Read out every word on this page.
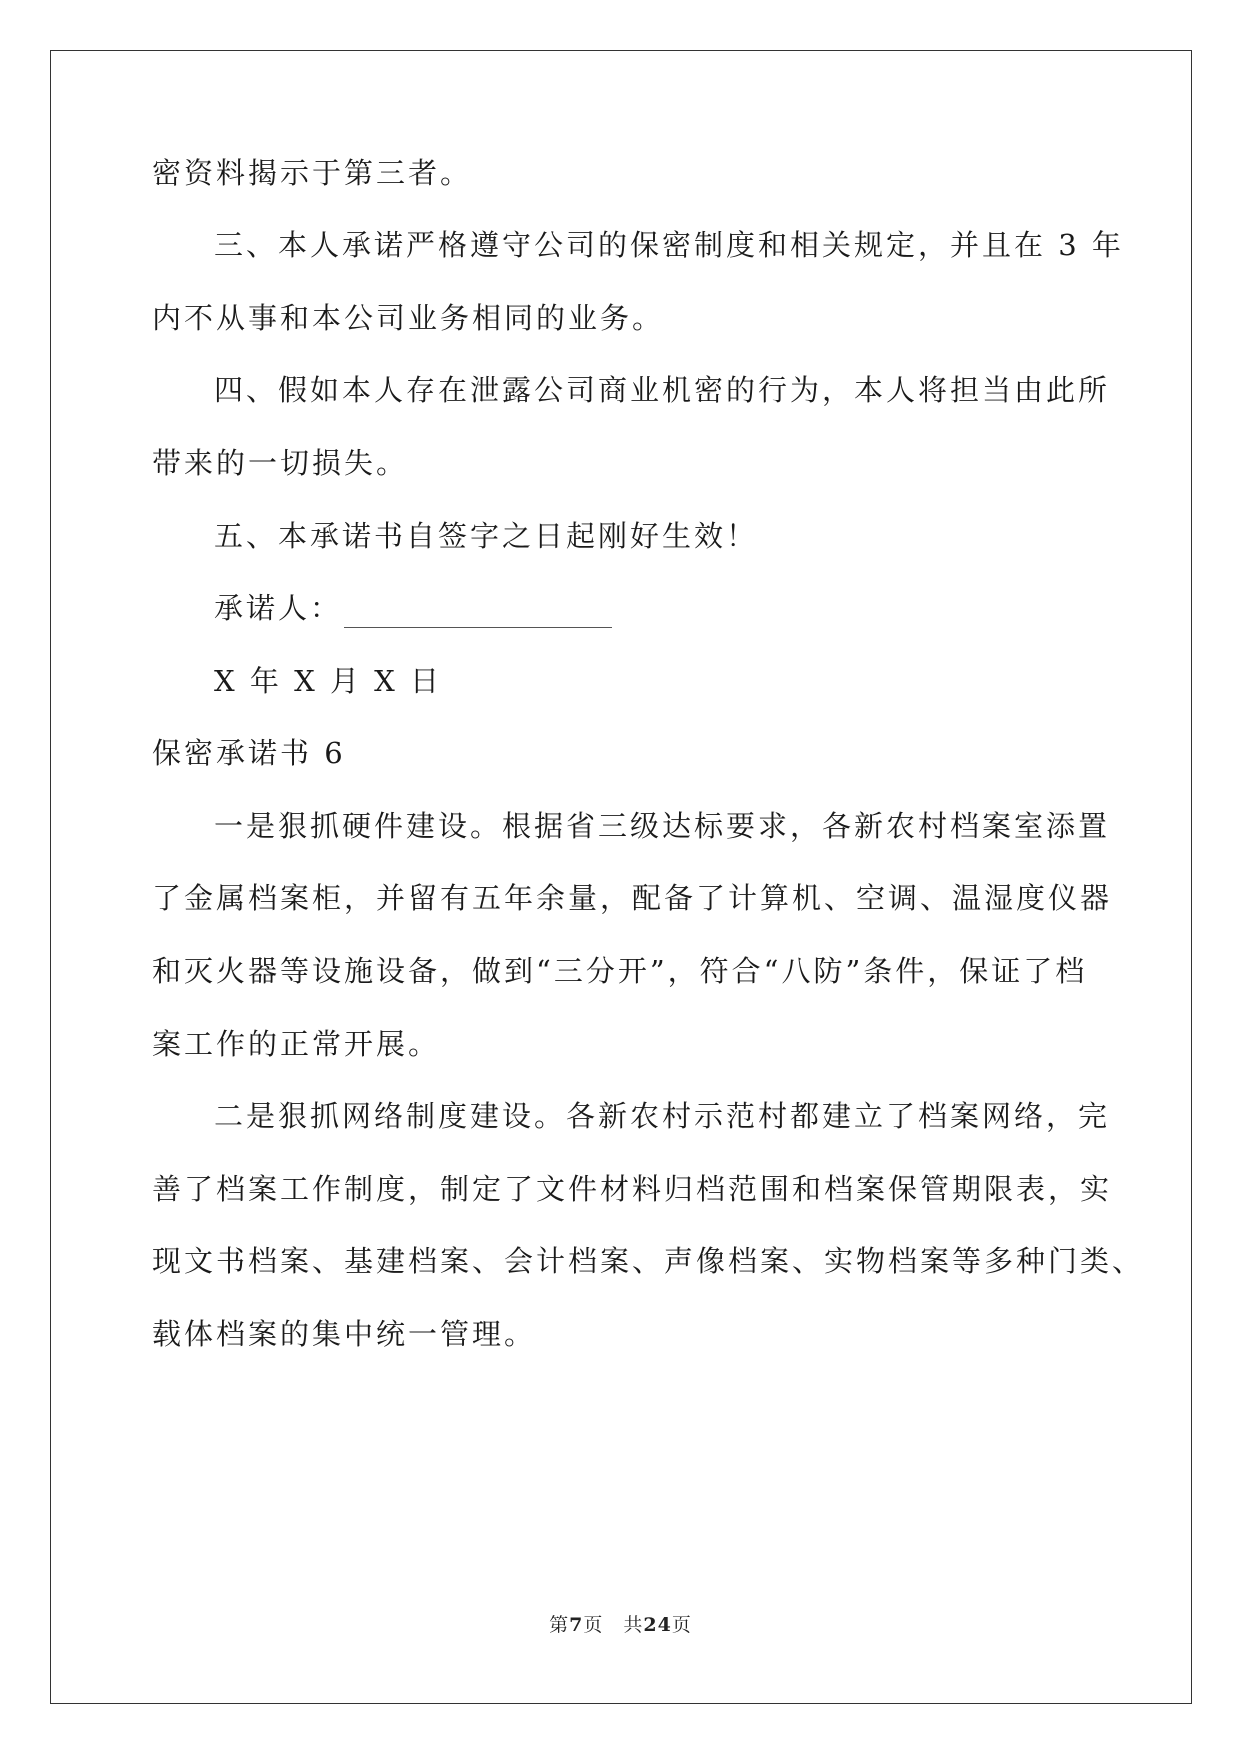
密资料揭示于第三者。
三、本人承诺严格遵守公司的保密制度和相关规定，并且在 3 年
内不从事和本公司业务相同的业务。
四、假如本人存在泄露公司商业机密的行为，本人将担当由此所
带来的一切损失。
五、本承诺书自签字之日起刚好生效！
承诺人：
X 年 X 月 X 日
保密承诺书 6
一是狠抓硬件建设。根据省三级达标要求，各新农村档案室添置
了金属档案柜，并留有五年余量，配备了计算机、空调、温湿度仪器
和灭火器等设施设备，做到“三分开”，符合“八防”条件，保证了档
案工作的正常开展。
二是狠抓网络制度建设。各新农村示范村都建立了档案网络，完
善了档案工作制度，制定了文件材料归档范围和档案保管期限表，实
现文书档案、基建档案、会计档案、声像档案、实物档案等多种门类、
载体档案的集中统一管理。
第7页　共24页
